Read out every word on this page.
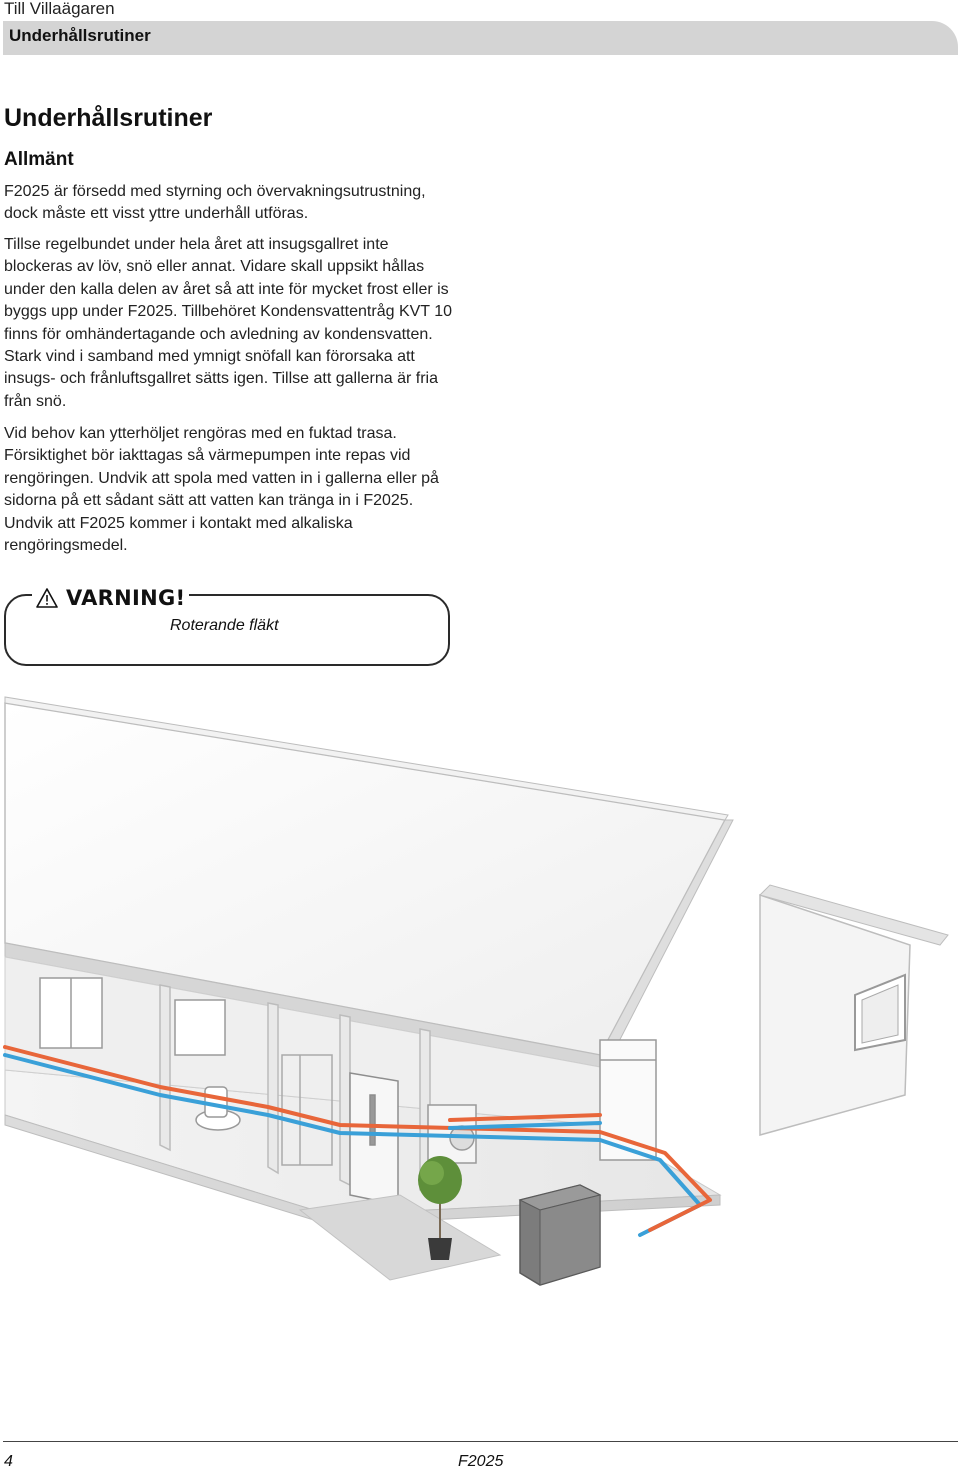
Till Villaägaren
Underhållsrutiner
Underhållsrutiner
Allmänt

F2025 är försedd med styrning och övervakningsutrustning, dock måste ett visst yttre underhåll utföras.

Tillse regelbundet under hela året att insugsgallret inte blockeras av löv, snö eller annat. Vidare skall uppsikt hållas under den kalla delen av året så att inte för mycket frost eller is byggs upp under F2025. Tillbehöret Kondensvattentråg KVT 10 finns för omhändertagande och avledning av kondensvatten. Stark vind i samband med ymnigt snöfall kan förorsaka att insugs- och frånluftsgallret sätts igen. Tillse att gallerna är fria från snö.

Vid behov kan ytterhöljet rengöras med en fuktad trasa. Försiktighet bör iakttagas så värmepumpen inte repas vid rengöringen. Undvik att spola med vatten in i gallerna eller på sidorna på ett sådant sätt att vatten kan tränga in i F2025. Undvik att F2025 kommer i kontakt med alkaliska rengöringsmedel.

VARNING!
Roterande fläkt
4	F2025
